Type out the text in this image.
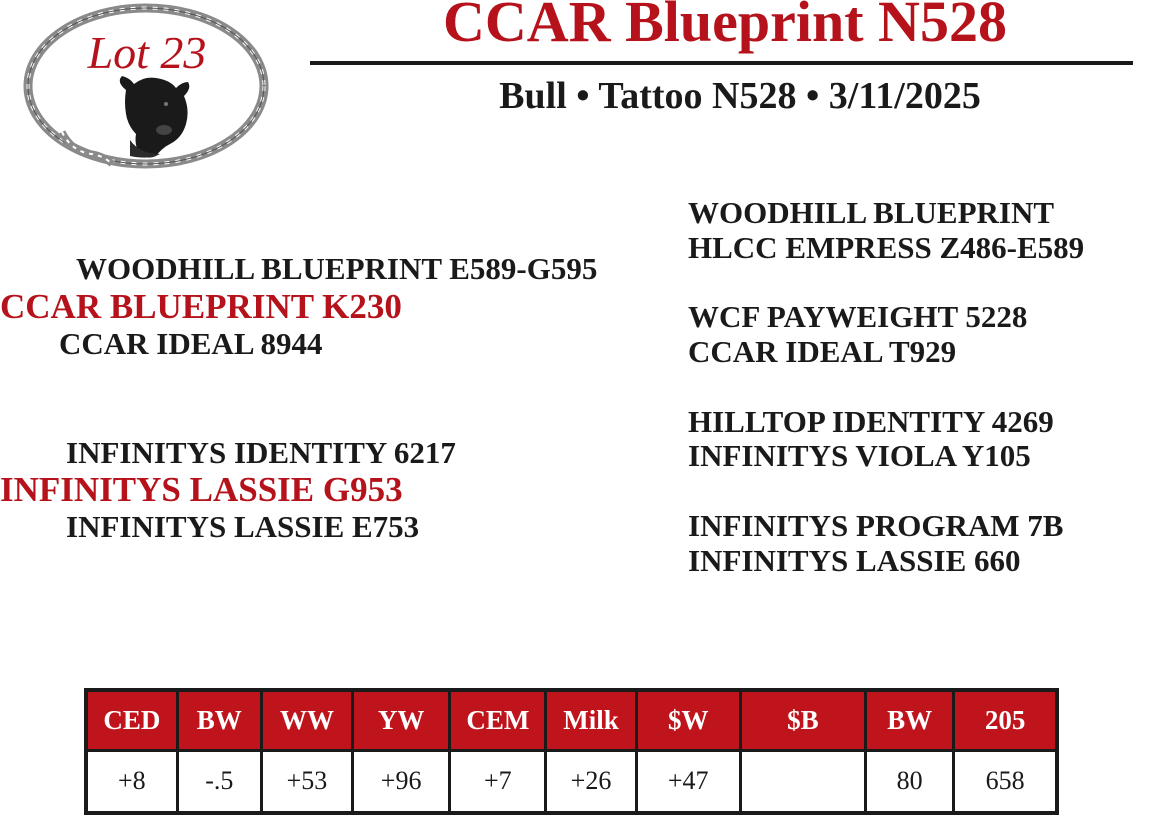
Lot 23	CCAR Blueprint N528
Bull • Tattoo N528 • 3/11/2025
WOODHILL BLUEPRINT E589-G595
CCAR BLUEPRINT K230
CCAR IDEAL 8944
INFINITYS IDENTITY 6217
INFINITYS LASSIE G953
INFINITYS LASSIE E753
WOODHILL BLUEPRINT
HLCC EMPRESS Z486-E589
WCF PAYWEIGHT 5228
CCAR IDEAL T929
HILLTOP IDENTITY 4269
INFINITYS VIOLA Y105
INFINITYS PROGRAM 7B
INFINITYS LASSIE 660
CED	BW	WW	YW	CEM	Milk	$W	$B	BW	205
+8	-.5	+53	+96	+7	+26	+47		80	658
